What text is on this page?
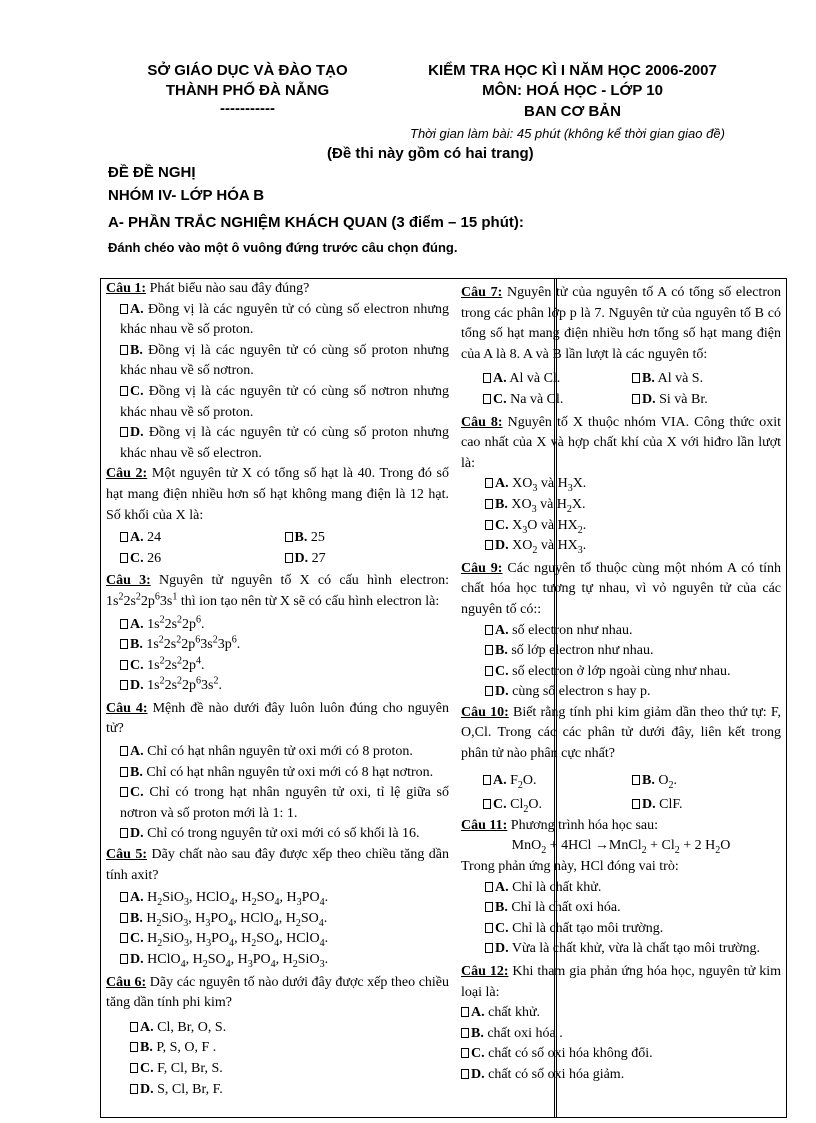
SỞ GIÁO DỤC VÀ ĐÀO TẠO
THÀNH PHỐ ĐÀ NẴNG
-----------
KIỂM TRA HỌC KÌ I NĂM HỌC 2006-2007
MÔN: HOÁ HỌC - LỚP 10
BAN CƠ BẢN
Thời gian làm bài: 45 phút (không kể thời gian giao đề)
(Đề thi này gồm có hai trang)
ĐỀ ĐỀ NGHỊ
NHÓM IV- LỚP HÓA B
A- PHẦN TRẮC NGHIỆM KHÁCH QUAN (3 điểm – 15 phút):
Đánh chéo vào một ô vuông đứng trước câu chọn đúng.
Câu 1: Phát biểu nào sau đây đúng?
A. Đồng vị là các nguyên tử có cùng số electron nhưng khác nhau về số proton.
B. Đồng vị là các nguyên tử có cùng số proton nhưng khác nhau về số nơtron.
C. Đồng vị là các nguyên tử có cùng số nơtron nhưng khác nhau về số proton.
D. Đồng vị là các nguyên tử có cùng số proton nhưng khác nhau về số electron.
Câu 2: Một nguyên tử X có tổng số hạt là 40. Trong đó số hạt mang điện nhiều hơn số hạt không mang điện là 12 hạt. Số khối của X là:
A. 24	B. 25
C. 26	D. 27
Câu 3: Nguyên tử nguyên tố X có cấu hình electron: $1s^22s^22p^63s^1$ thì ion tạo nên từ X sẽ có cấu hình electron là:
A. $1s^22s^22p^6$.
B. $1s^22s^22p^63s^23p^6$.
C. $1s^22s^22p^4$.
D. $1s^22s^22p^63s^2$.
Câu 4: Mệnh đề nào dưới đây luôn luôn đúng cho nguyên tử?
A. Chỉ có hạt nhân nguyên tử oxi mới có 8 proton.
B. Chỉ có hạt nhân nguyên tử oxi mới có 8 hạt nơtron.
C. Chỉ có trong hạt nhân nguyên tử oxi, tỉ lệ giữa số nơtron và số proton mới là 1: 1.
D. Chỉ có trong nguyên tử oxi mới có số khối là 16.
Câu 5: Dãy chất nào sau đây được xếp theo chiều tăng dần tính axit?
A. $H_2SiO_3$, HClO$_4$, $H_2SO_4$, $H_3PO_4$.
B. $H_2SiO_3$, $H_3PO_4$, HClO$_4$, $H_2SO_4$.
C. $H_2SiO_3$, $H_3PO_4$, $H_2SO_4$, HClO$_4$.
D. HClO$_4$, $H_2SO_4$, $H_3PO_4$, $H_2SiO_3$.
Câu 6: Dãy các nguyên tố nào dưới đây được xếp theo chiều tăng dần tính phi kim?
A. Cl, Br, O, S.
B. P, S, O, F .
C. F, Cl, Br, S.
D. S, Cl, Br, F.
Câu 7: Nguyên tử của nguyên tố A có tổng số electron trong các phân lớp p là 7. Nguyên tử của nguyên tố B có tổng số hạt mang điện nhiều hơn tổng số hạt mang điện của A là 8. A và B lần lượt là các nguyên tố:
A. Al và Cl.	B. Al và S.
C. Na và Cl.	D. Si và Br.
Câu 8: Nguyên tố X thuộc nhóm VIA. Công thức oxit cao nhất của X và hợp chất khí của X với hiđro lần lượt là:
A. $XO_3$ và $H_3X$.
B. $XO_3$ và $H_2X$.
C. $X_3O$ và $HX_2$.
D. $XO_2$ và $HX_3$.
Câu 9: Các nguyên tố thuộc cùng một nhóm A có tính chất hóa học tương tự nhau, vì vỏ nguyên tử của các nguyên tố có::
A. số electron như nhau.
B. số lớp electron như nhau.
C. số electron ở lớp ngoài cùng như nhau.
D. cùng số electron s hay p.
Câu 10: Biết rằng tính phi kim giảm dần theo thứ tự: F, O,Cl. Trong các các phân tử dưới đây, liên kết trong phân tử nào phân cực nhất?
A. $F_2O$.	B. $O_2$.
C. $Cl_2O$.	D. ClF.
Câu 11: Phương trình hóa học sau:
MnO$_2$ + 4HCl →MnCl$_2$ + $Cl_2 + 2$ $H_2O$
Trong phản ứng này, HCl đóng vai trò:
A. Chỉ là chất khử.
B. Chỉ là chất oxi hóa.
C. Chỉ là chất tạo môi trường.
D. Vừa là chất khử, vừa là chất tạo môi trường.
Câu 12: Khi tham gia phản ứng hóa học, nguyên tử kim loại là:
A. chất khử.
B. chất oxi hóa .
C. chất có số oxi hóa không đổi.
D. chất có số oxi hóa giảm.
